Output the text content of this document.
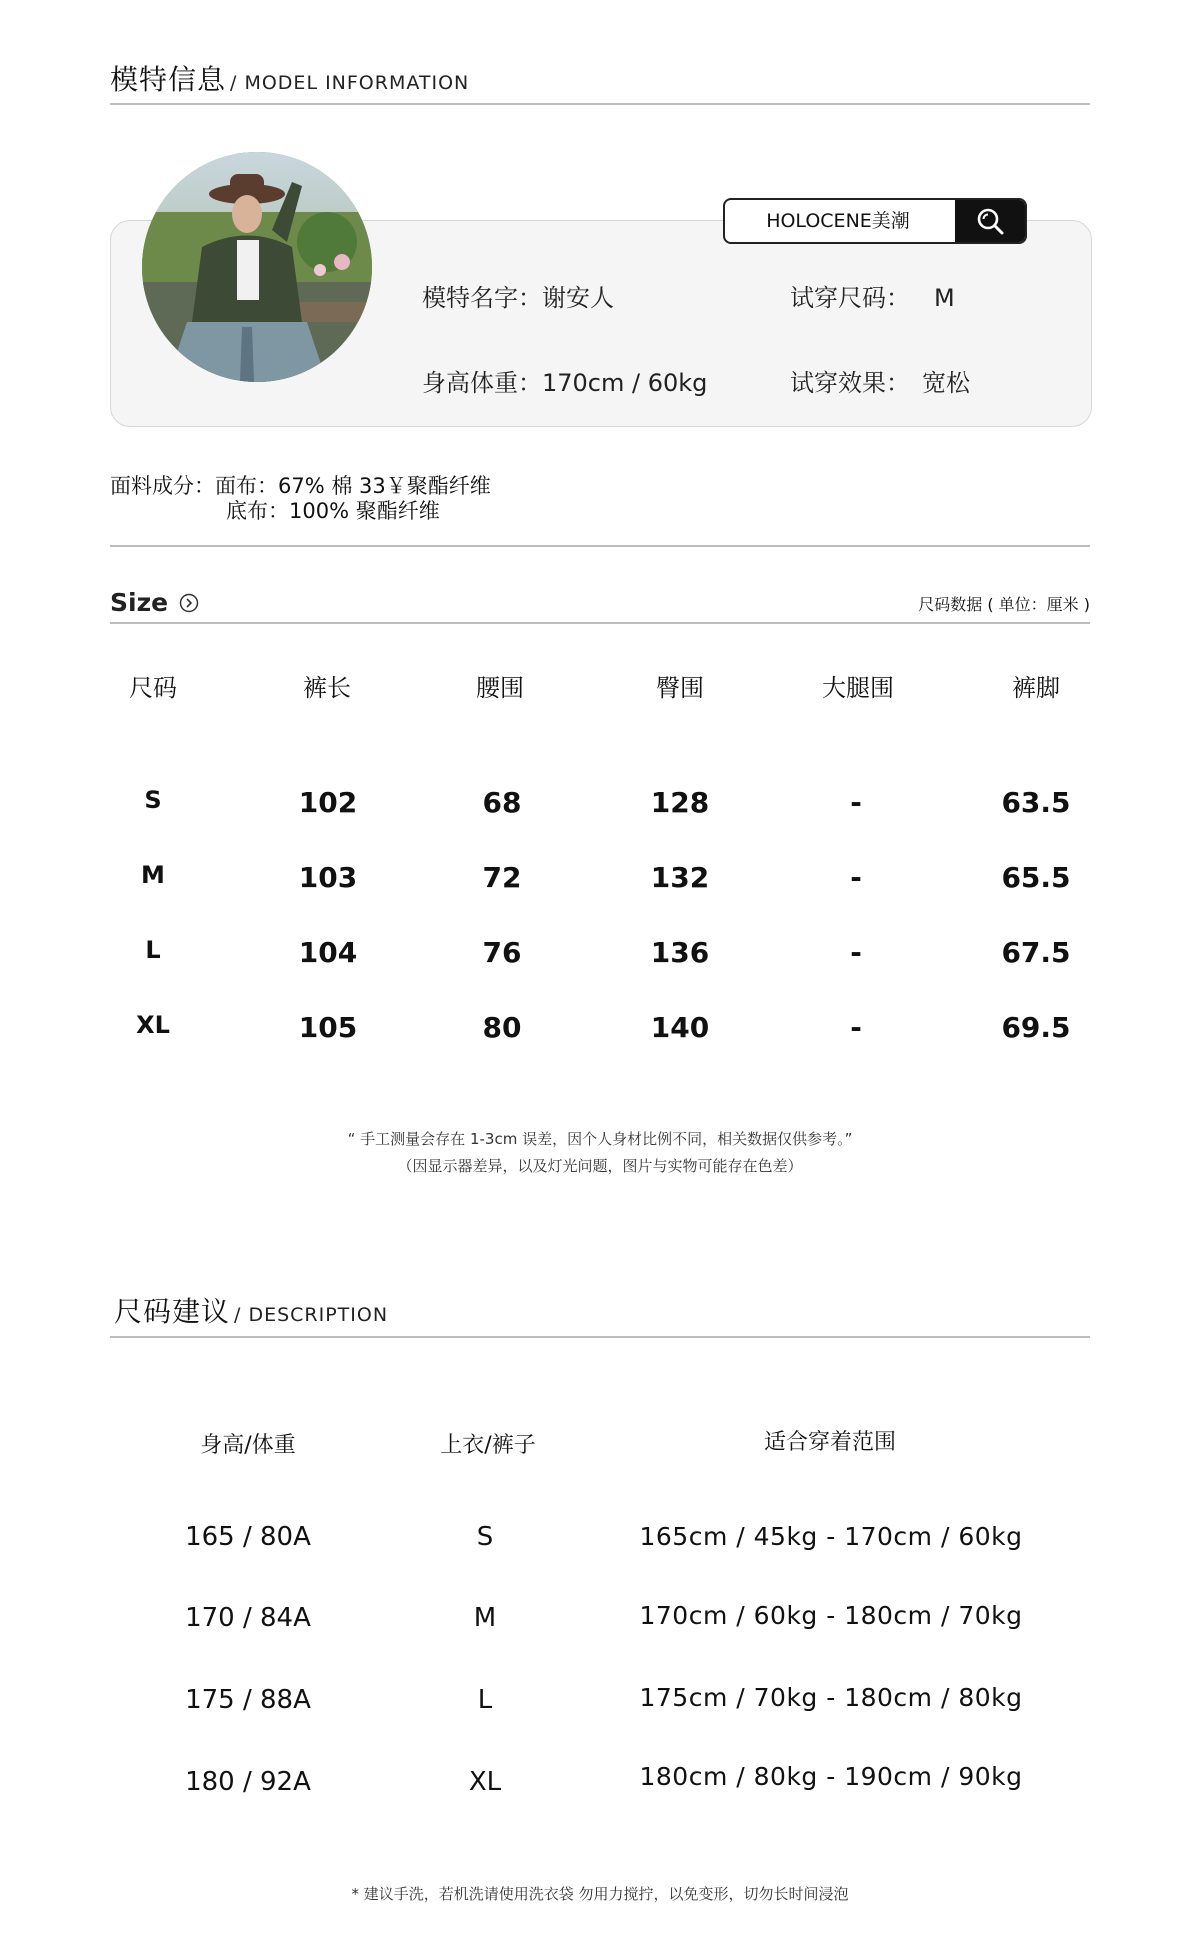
模特信息 / MODEL INFORMATION
HOLOCENE美潮
模特名字：谢安人	试穿尺码： M
身高体重：170cm / 60kg	试穿效果： 宽松
面料成分：面布：67% 棉 33￥聚酯纤维
底布：100% 聚酯纤维
Size	尺码数据 ( 单位：厘米 )
尺码	裤长	腰围	臀围	大腿围	裤脚
S	102	68	128	-	63.5
M	103	72	132	-	65.5
L	104	76	136	-	67.5
XL	105	80	140	-	69.5
“ 手工测量会存在 1-3cm 误差，因个人身材比例不同，相关数据仅供参考。”
（因显示器差异，以及灯光问题，图片与实物可能存在色差）
尺码建议 / DESCRIPTION
身高/体重	上衣/裤子	适合穿着范围
165 / 80A	S	165cm / 45kg - 170cm / 60kg
170 / 84A	M	170cm / 60kg - 180cm / 70kg
175 / 88A	L	175cm / 70kg - 180cm / 80kg
180 / 92A	XL	180cm / 80kg - 190cm / 90kg
* 建议手洗，若机洗请使用洗衣袋 勿用力搅拧，以免变形，切勿长时间浸泡
